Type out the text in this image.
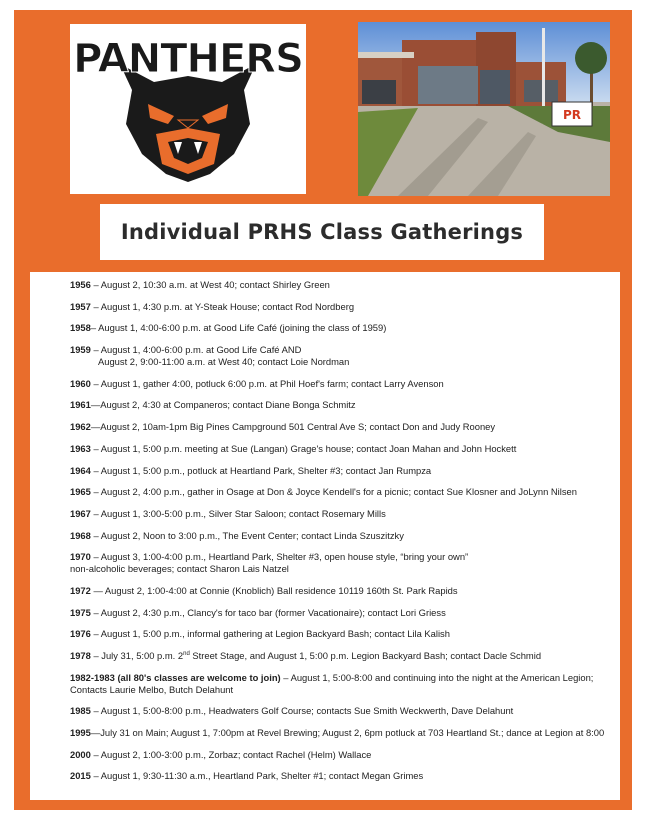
PANTHERS
PR
Individual PRHS Class Gatherings
1956 – August 2, 10:30 a.m. at West 40; contact Shirley Green
1957 – August 1, 4:30 p.m. at Y-Steak House; contact Rod Nordberg
1958– August 1, 4:00-6:00 p.m. at Good Life Café (joining the class of 1959)
1959 – August 1, 4:00-6:00 p.m. at Good Life Café AND
August 2, 9:00-11:00 a.m. at West 40; contact Loie Nordman
1960 – August 1, gather 4:00, potluck 6:00 p.m. at Phil Hoef's farm; contact Larry Avenson
1961—August 2, 4:30 at Companeros; contact Diane Bonga Schmitz
1962—August 2, 10am-1pm Big Pines Campground 501 Central Ave S; contact Don and Judy Rooney
1963 – August 1, 5:00 p.m. meeting at Sue (Langan) Grage's house; contact Joan Mahan and John Hockett
1964 – August 1, 5:00 p.m., potluck at Heartland Park, Shelter #3; contact Jan Rumpza
1965 – August 2, 4:00 p.m., gather in Osage at Don & Joyce Kendell's for a picnic; contact Sue Klosner and JoLynn Nilsen
1967 – August 1, 3:00-5:00 p.m., Silver Star Saloon; contact Rosemary Mills
1968 – August 2, Noon to 3:00 p.m., The Event Center; contact Linda Szuszitzky
1970 – August 3, 1:00-4:00 p.m., Heartland Park, Shelter #3, open house style, “bring your own”
non-alcoholic beverages; contact Sharon Lais Natzel
1972 — August 2, 1:00-4:00 at Connie (Knoblich) Ball residence 10119 160th St. Park Rapids
1975 – August 2, 4:30 p.m., Clancy's for taco bar (former Vacationaire); contact Lori Griess
1976 – August 1, 5:00 p.m., informal gathering at Legion Backyard Bash; contact Lila Kalish
1978 – July 31, 5:00 p.m. 2nd Street Stage, and August 1, 5:00 p.m. Legion Backyard Bash; contact Dacle Schmid
1982-1983 (all 80's classes are welcome to join) – August 1, 5:00-8:00 and continuing into the night at the American Legion;
Contacts Laurie Melbo, Butch Delahunt
1985 – August 1, 5:00-8:00 p.m., Headwaters Golf Course; contacts Sue Smith Weckwerth, Dave Delahunt
1995—July 31 on Main; August 1, 7:00pm at Revel Brewing; August 2, 6pm potluck at 703 Heartland St.; dance at Legion at 8:00
2000 – August 2, 1:00-3:00 p.m., Zorbaz; contact Rachel (Helm) Wallace
2015 – August 1, 9:30-11:30 a.m., Heartland Park, Shelter #1; contact Megan Grimes
